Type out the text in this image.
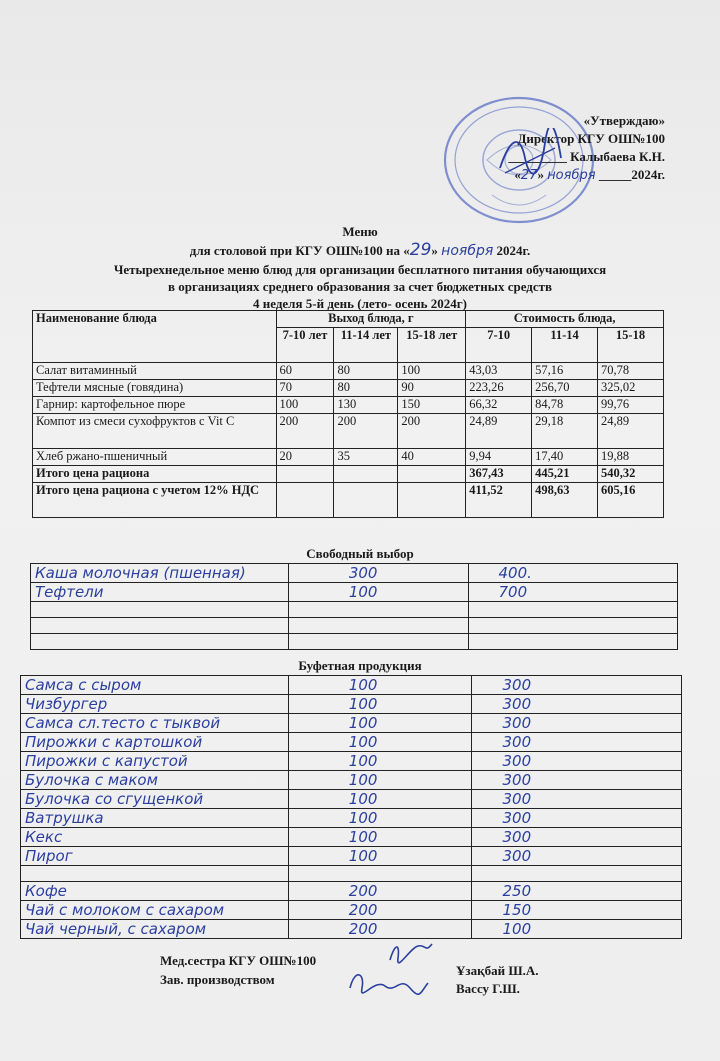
«Утверждаю»
Директор КГУ ОШ№100
_________ Калыбаева К.Н.
«27» ноября _____2024г.
Меню
для столовой при КГУ ОШ№100 на «29» ноября 2024г.
Четырехнедельное меню блюд для организации бесплатного питания обучающихся
в организациях среднего образования за счет бюджетных средств
4 неделя 5-й день (лето- осень 2024г)
Наименование блюда	Выход блюда, г			Стоимость блюда,		
	7-10 лет	11-14 лет	15-18 лет	7-10	11-14	15-18
Салат витаминный	60	80	100	43,03	57,16	70,78
Тефтели мясные (говядина)	70	80	90	223,26	256,70	325,02
Гарнир: картофельное пюре	100	130	150	66,32	84,78	99,76
Компот из смеси сухофруктов с Vit C	200	200	200	24,89	29,18	24,89
Хлеб ржано-пшеничный	20	35	40	9,94	17,40	19,88
Итого цена рациона				367,43	445,21	540,32
Итого цена рациона с учетом 12% НДС				411,52	498,63	605,16
Свободный выбор
Каша молочная (пшенная)	300	400.
Тефтели	100	700

Буфетная продукция
Самса с сыром	100	300
Чизбургер	100	300
Самса сл.тесто с тыквой	100	300
Пирожки с картошкой	100	300
Пирожки с капустой	100	300
Булочка с маком	100	300
Булочка со сгущенкой	100	300
Ватрушка	100	300
Кекс	100	300
Пирог	100	300

Кофе	200	250
Чай с молоком с сахаром	200	150
Чай черный, с сахаром	200	100
Мед.сестра КГУ ОШ№100
Зав. производством
Ұзақбай Ш.А.
Вассу Г.Ш.
